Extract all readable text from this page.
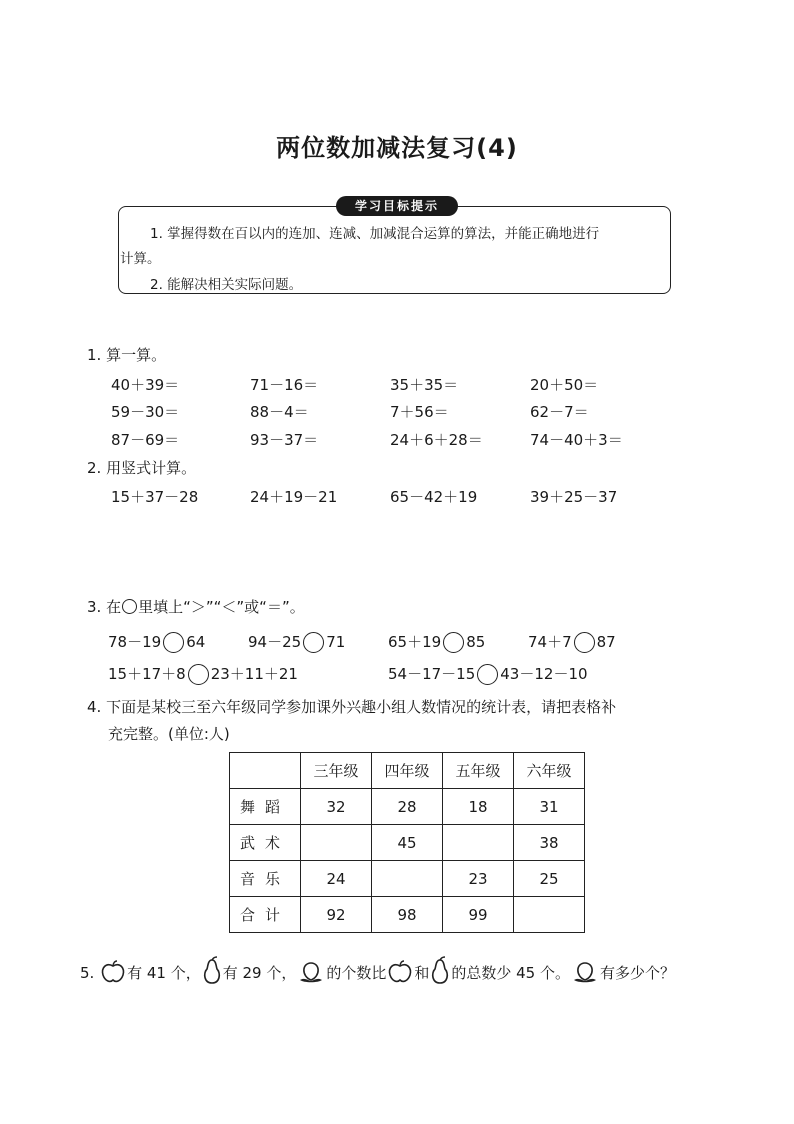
两位数加减法复习(4)
学习目标提示
1. 掌握得数在百以内的连加、连减、加减混合运算的算法，并能正确地进行
计算。
2. 能解决相关实际问题。
1. 算一算。
40＋39＝	71－16＝	35＋35＝	20＋50＝
59－30＝	88－4＝	7＋56＝	62－7＝
87－69＝	93－37＝	24＋6＋28＝	74－40＋3＝
2. 用竖式计算。
15＋37－28	24＋19－21	65－42＋19	39＋25－37
3. 在 里填上“＞”“＜”或“＝”。
78－19 64	94－25 71	65＋19 85	74＋7 87
15＋17＋8 23＋11＋21	54－17－15 43－12－10
4. 下面是某校三至六年级同学参加课外兴趣小组人数情况的统计表，请把表格补
充完整。(单位:人)
	三年级	四年级	五年级	六年级
舞蹈	32	28	18	31
武术		45		38
音乐	24		23	25
合计	92	98	99	
5. 有 41 个， 有 29 个， 的个数比 和 的总数少 45 个。 有多少个？
